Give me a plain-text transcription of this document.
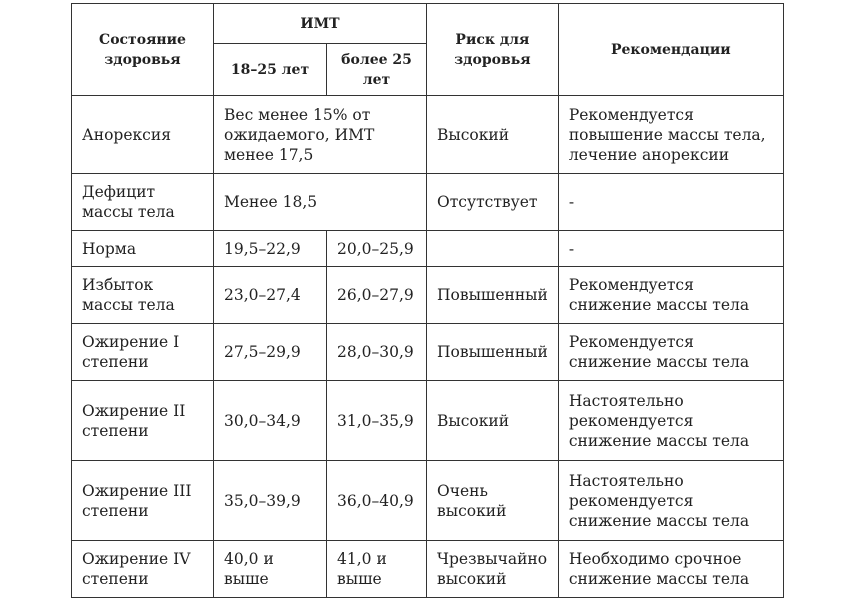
Состояние здоровья	ИМТ		Риск для здоровья	Рекомендации
	18–25 лет	более 25 лет		
Анорексия	Вес менее 15% от ожидаемого, ИМТ менее 17,5		Высокий	Рекомендуется повышение массы тела, лечение анорексии
Дефицит массы тела	Менее 18,5		Отсутствует	-
Норма	19,5–22,9	20,0–25,9		-
Избыток массы тела	23,0–27,4	26,0–27,9	Повышенный	Рекомендуется снижение массы тела
Ожирение I степени	27,5–29,9	28,0–30,9	Повышенный	Рекомендуется снижение массы тела
Ожирение II степени	30,0–34,9	31,0–35,9	Высокий	Настоятельно рекомендуется снижение массы тела
Ожирение III степени	35,0–39,9	36,0–40,9	Очень высокий	Настоятельно рекомендуется снижение массы тела
Ожирение IV степени	40,0 и выше	41,0 и выше	Чрезвычайно высокий	Необходимо срочное снижение массы тела
